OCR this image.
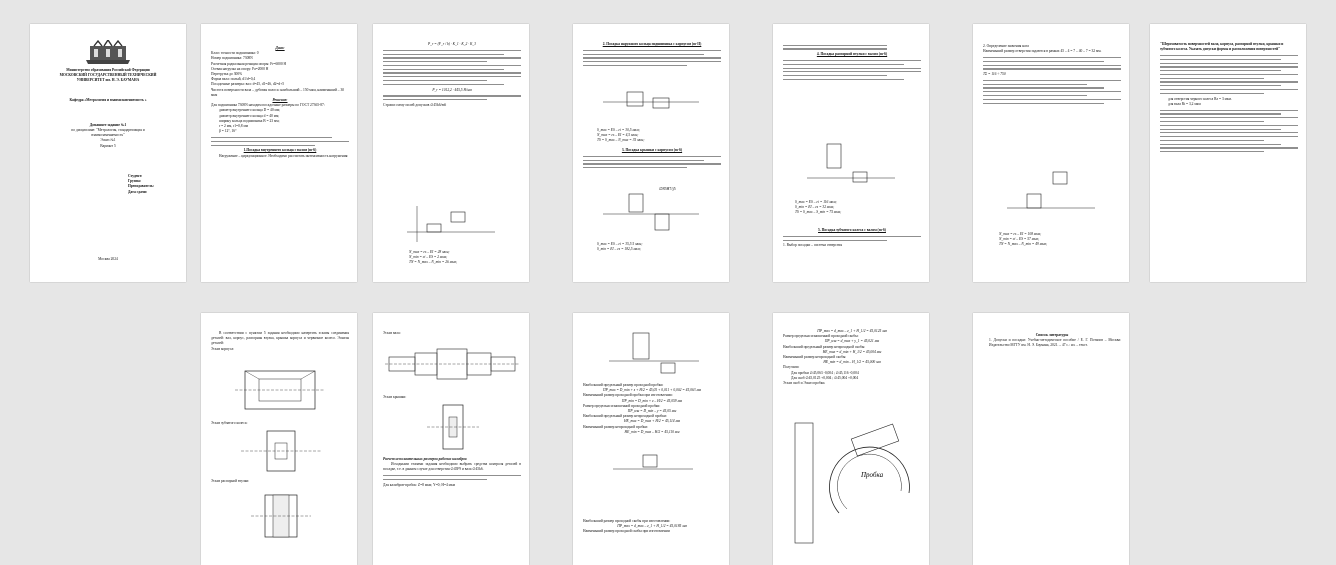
Министерство образования Российской Федерации

МОСКОВСКИЙ ГОСУДАРСТВЕННЫЙ ТЕХНИЧЕСКИЙ

УНИВЕРСИТЕТ им. Н. Э. БАУМАНА

Кафедра «Метрология и взаимозаменяемость »

Домашнее задание №1

по дисциплине: "Метрология, стандартизация и

взаимозаменяемость"

Эскиз №1

Вариант 5

Студент:

Группа:

Преподаватель:

Дата сдачи:

Москва 2024

Дано:

Класс точности подшипника: 0

Номер подшипника: 7308N

Расчетная радиальная реакция опоры: Fr=6000 Н

Осевая нагрузка на опору: Fa=2000 Н

Перегрузка до 300%

Форма вала: полый, d1/d=0,4

Посадочные размеры: вал: d=45, d1=46, d2=d+5

Чистота поверхности вала – дубовая полоса: наибольший – 150 мкм, наименьший – 30 мкм

Решение:

Для подшипника 7308N находим посадочные размеры по ГОСТ 27365-87:

диаметр внутреннего кольца D = 40 мм;

диаметр внутреннего кольца d = 40 мм;

ширину кольца подшипника B = 23 мм;

r = 2 мм, r1=0,8 мм

β = 12°, 16°

1.Посадка внутреннего кольца с валом (m-6)

Нагружение – циркуляционное. Необходимо рассчитать интенсивность нагружения:

P_r = (F_r / b) · K_1 · K_2 · K_3

P_r = 1012,2 · 445,5 Н/мм

Строим схему полей допусков ∅45k6/m6

N_max = es – EI = 28 мкм;

N_min = ei – ES = 2 мкм;

TN = N_max – N_min = 26 мкм;

2. Посадка наружного кольца подшипника с корпусом (m-II)

S_max = ES – ei = 30,5 мкм;

N_max = es – EI = 4,5 мкм;

TS = S_max – N_max = 35 мкм;

3. Посадка крышки с корпусом (m-6)

∅85H7/j5

S_max = ES – ei = 35,5 5 мкм;

S_min = EI – es = 182,5 мкм;

4. Посадка распорной втулки с валом (m-6)

S_max = ES – ei = 116 мкм;

S_min = EI – es = 32 мкм;

TS = S_max – S_min = 75 мкм;

5. Посадка зубчатого колеса с валом (m-6)

1. Выбор посадки – система отверстия

2. Определение значения нага

Наименьший размер отверстия задаются в рамках 45 – 4 = 7 – 40 – 7 = 32 мм.

TΣ = 116 ÷ 750

N_max = es – EI = 108 мкм;

N_min = ei – ES = 57 мкм;

TN = N_max – N_min = 49 мкм;

"Шероховатость поверхностей вала, корпуса, распорной втулки, крышки и зубчатого колеса. Указать допуски формы и расположения поверхностей"

для отверстия черного колеса Rz = 3 мкм.

для вала Rt = 3,2 мкм

В соответствии с пунктом 5 задания необходимо начертить эскизы соединения деталей: вал, корпус, распорная втулка, крышка корпуса и червячное колесо. Эскизы деталей:

Эскиз корпуса:

Эскиз зубчатого колеса:

Эскиз распорной втулки:

Эскиз вала:

Эскиз крышки:

Расчет исполнительных размеров рабочих калибров

Исходными этапами задания необходимо выбрать средства контроля деталей в посадке, т.е. в данном случае для отверстия ∅45F9 и вала ∅45k6.

Для калибров-пробок: Z=8 мкм; Y=0; H=4 мкм

Наибольший предельный размер проходной пробки:

ПР_max = D_min + z + H/2 = 45,05 + 0,011 + 0,002 = 45,063 мм

Наименьший размер проходной пробки при изготовлении:

ПР_min = D_min + z – H/2 = 45,059 мм

Размер предельно изношенной проходной пробки:

ПР_изн = D_min – y = 45,05 мм

Наибольший предельный размер непроходной пробки:

НЕ_max = D_max + H/2 = 45,114 мм

Наименьший размер непроходной пробки:

НЕ_min = D_max – H/2 = 45,110 мм

Наибольший размер проходной скобы при изготовлении:

ПР_max = d_max – z_1 + H_1/2 = 45,0185 мм

Наименьший размер проходной скобы при изготовлении

ПР_max = d_max – z_1 + H_1/2 = 45,0125 мм

Размер предельно изношенной проходной скобы:

ПР_изн = d_max + y_1 = 45,021 мм

Наибольший предельный размер непроходной скобы:

НЕ_max = d_min + H_1/2 = 45,004 мм

Наименьший размер непроходной скобы:

НЕ_min = d_min – H_1/2 = 45,000 мм

Получили:

Для пробки ∅45,063 -0,004 ; ∅45,116 -0,004

Для скоб ∅45,0125 +0,004 ; ∅45,004 +0,004

Эскиз скоб и Эскиз пробки.

Пробка

Список литературы

1. Допуски и посадки: Учебно-методическое пособие / Е. Г. Потапов – Москва: Издательство МГТУ им. Н. Э. Баумана, 2021. – 47 с.: ил. – текст.
